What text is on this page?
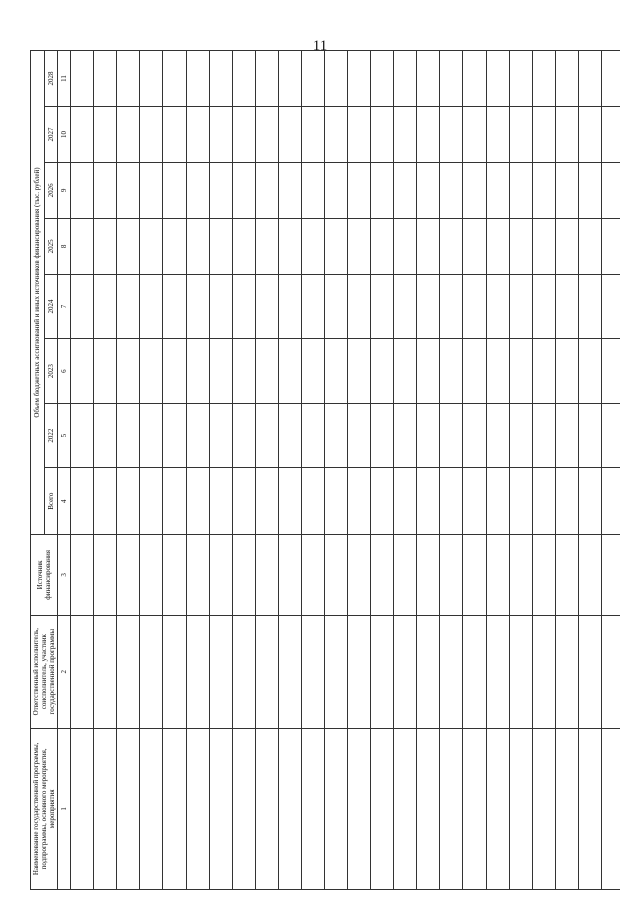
11
Наименование государственной программы, подпрограммы, основного мероприятия, мероприятия	Ответственный исполнитель, соисполнитель, участник государственной программы	Источник финансирования	Объем бюджетных ассигнований и иных источников финансирования (тыс. рублей)							
			Всего	2022	2023	2024	2025	2026	2027	2028
1	2	3	4	5	6	7	8	9	10	11
